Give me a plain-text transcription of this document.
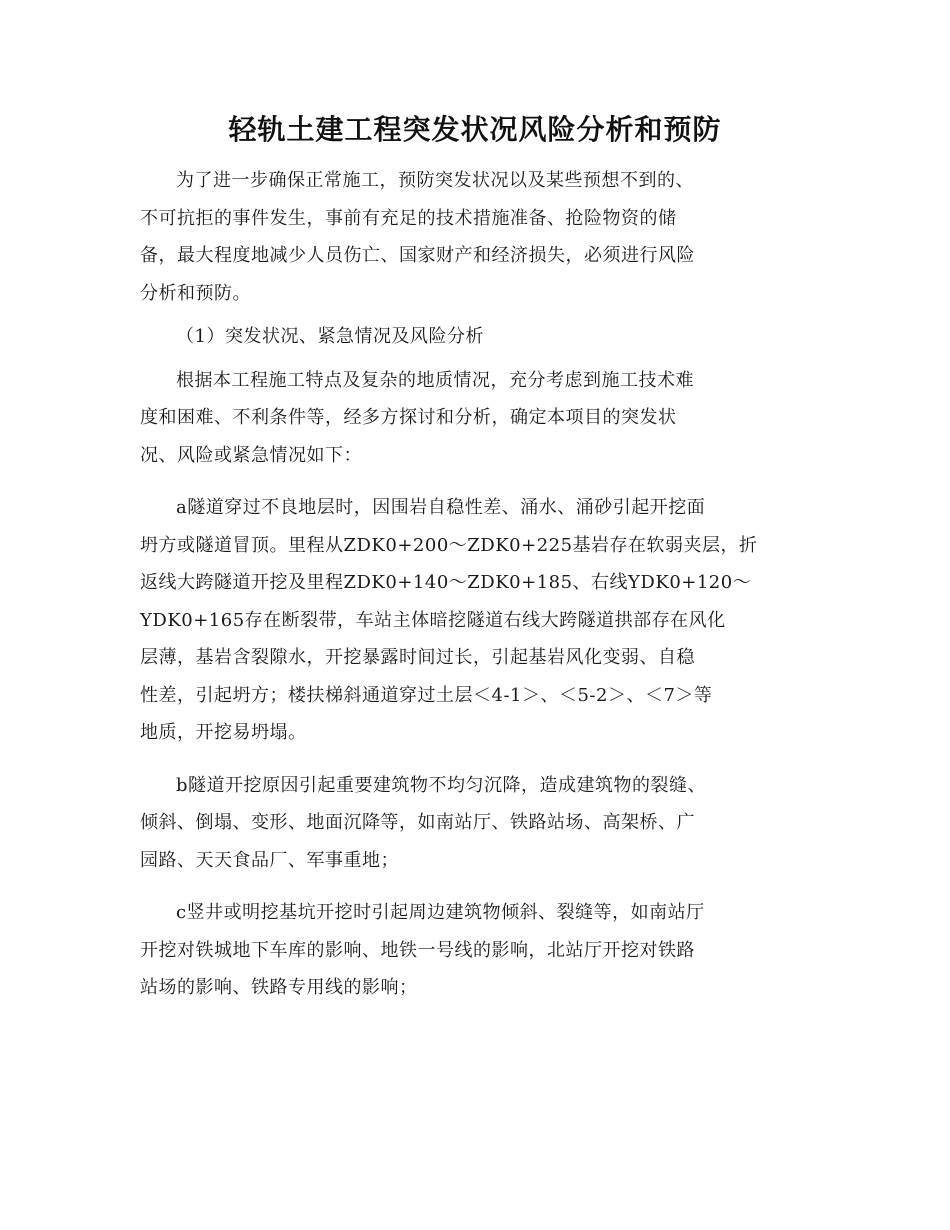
轻轨土建工程突发状况风险分析和预防

为了进一步确保正常施工，预防突发状况以及某些预想不到的、
不可抗拒的事件发生，事前有充足的技术措施准备、抢险物资的储
备，最大程度地减少人员伤亡、国家财产和经济损失，必须进行风险
分析和预防。

（1）突发状况、紧急情况及风险分析

根据本工程施工特点及复杂的地质情况，充分考虑到施工技术难
度和困难、不利条件等，经多方探讨和分析，确定本项目的突发状
况、风险或紧急情况如下：

a隧道穿过不良地层时，因围岩自稳性差、涌水、涌砂引起开挖面
坍方或隧道冒顶。里程从ZDK0+200～ZDK0+225基岩存在软弱夹层，折
返线大跨隧道开挖及里程ZDK0+140～ZDK0+185、右线YDK0+120～
YDK0+165存在断裂带，车站主体暗挖隧道右线大跨隧道拱部存在风化
层薄，基岩含裂隙水，开挖暴露时间过长，引起基岩风化变弱、自稳
性差，引起坍方；楼扶梯斜通道穿过土层＜4-1＞、＜5-2＞、＜7＞等
地质，开挖易坍塌。

b隧道开挖原因引起重要建筑物不均匀沉降，造成建筑物的裂缝、
倾斜、倒塌、变形、地面沉降等，如南站厅、铁路站场、高架桥、广
园路、天天食品厂、军事重地；

c竖井或明挖基坑开挖时引起周边建筑物倾斜、裂缝等，如南站厅
开挖对铁城地下车库的影响、地铁一号线的影响，北站厅开挖对铁路
站场的影响、铁路专用线的影响；
